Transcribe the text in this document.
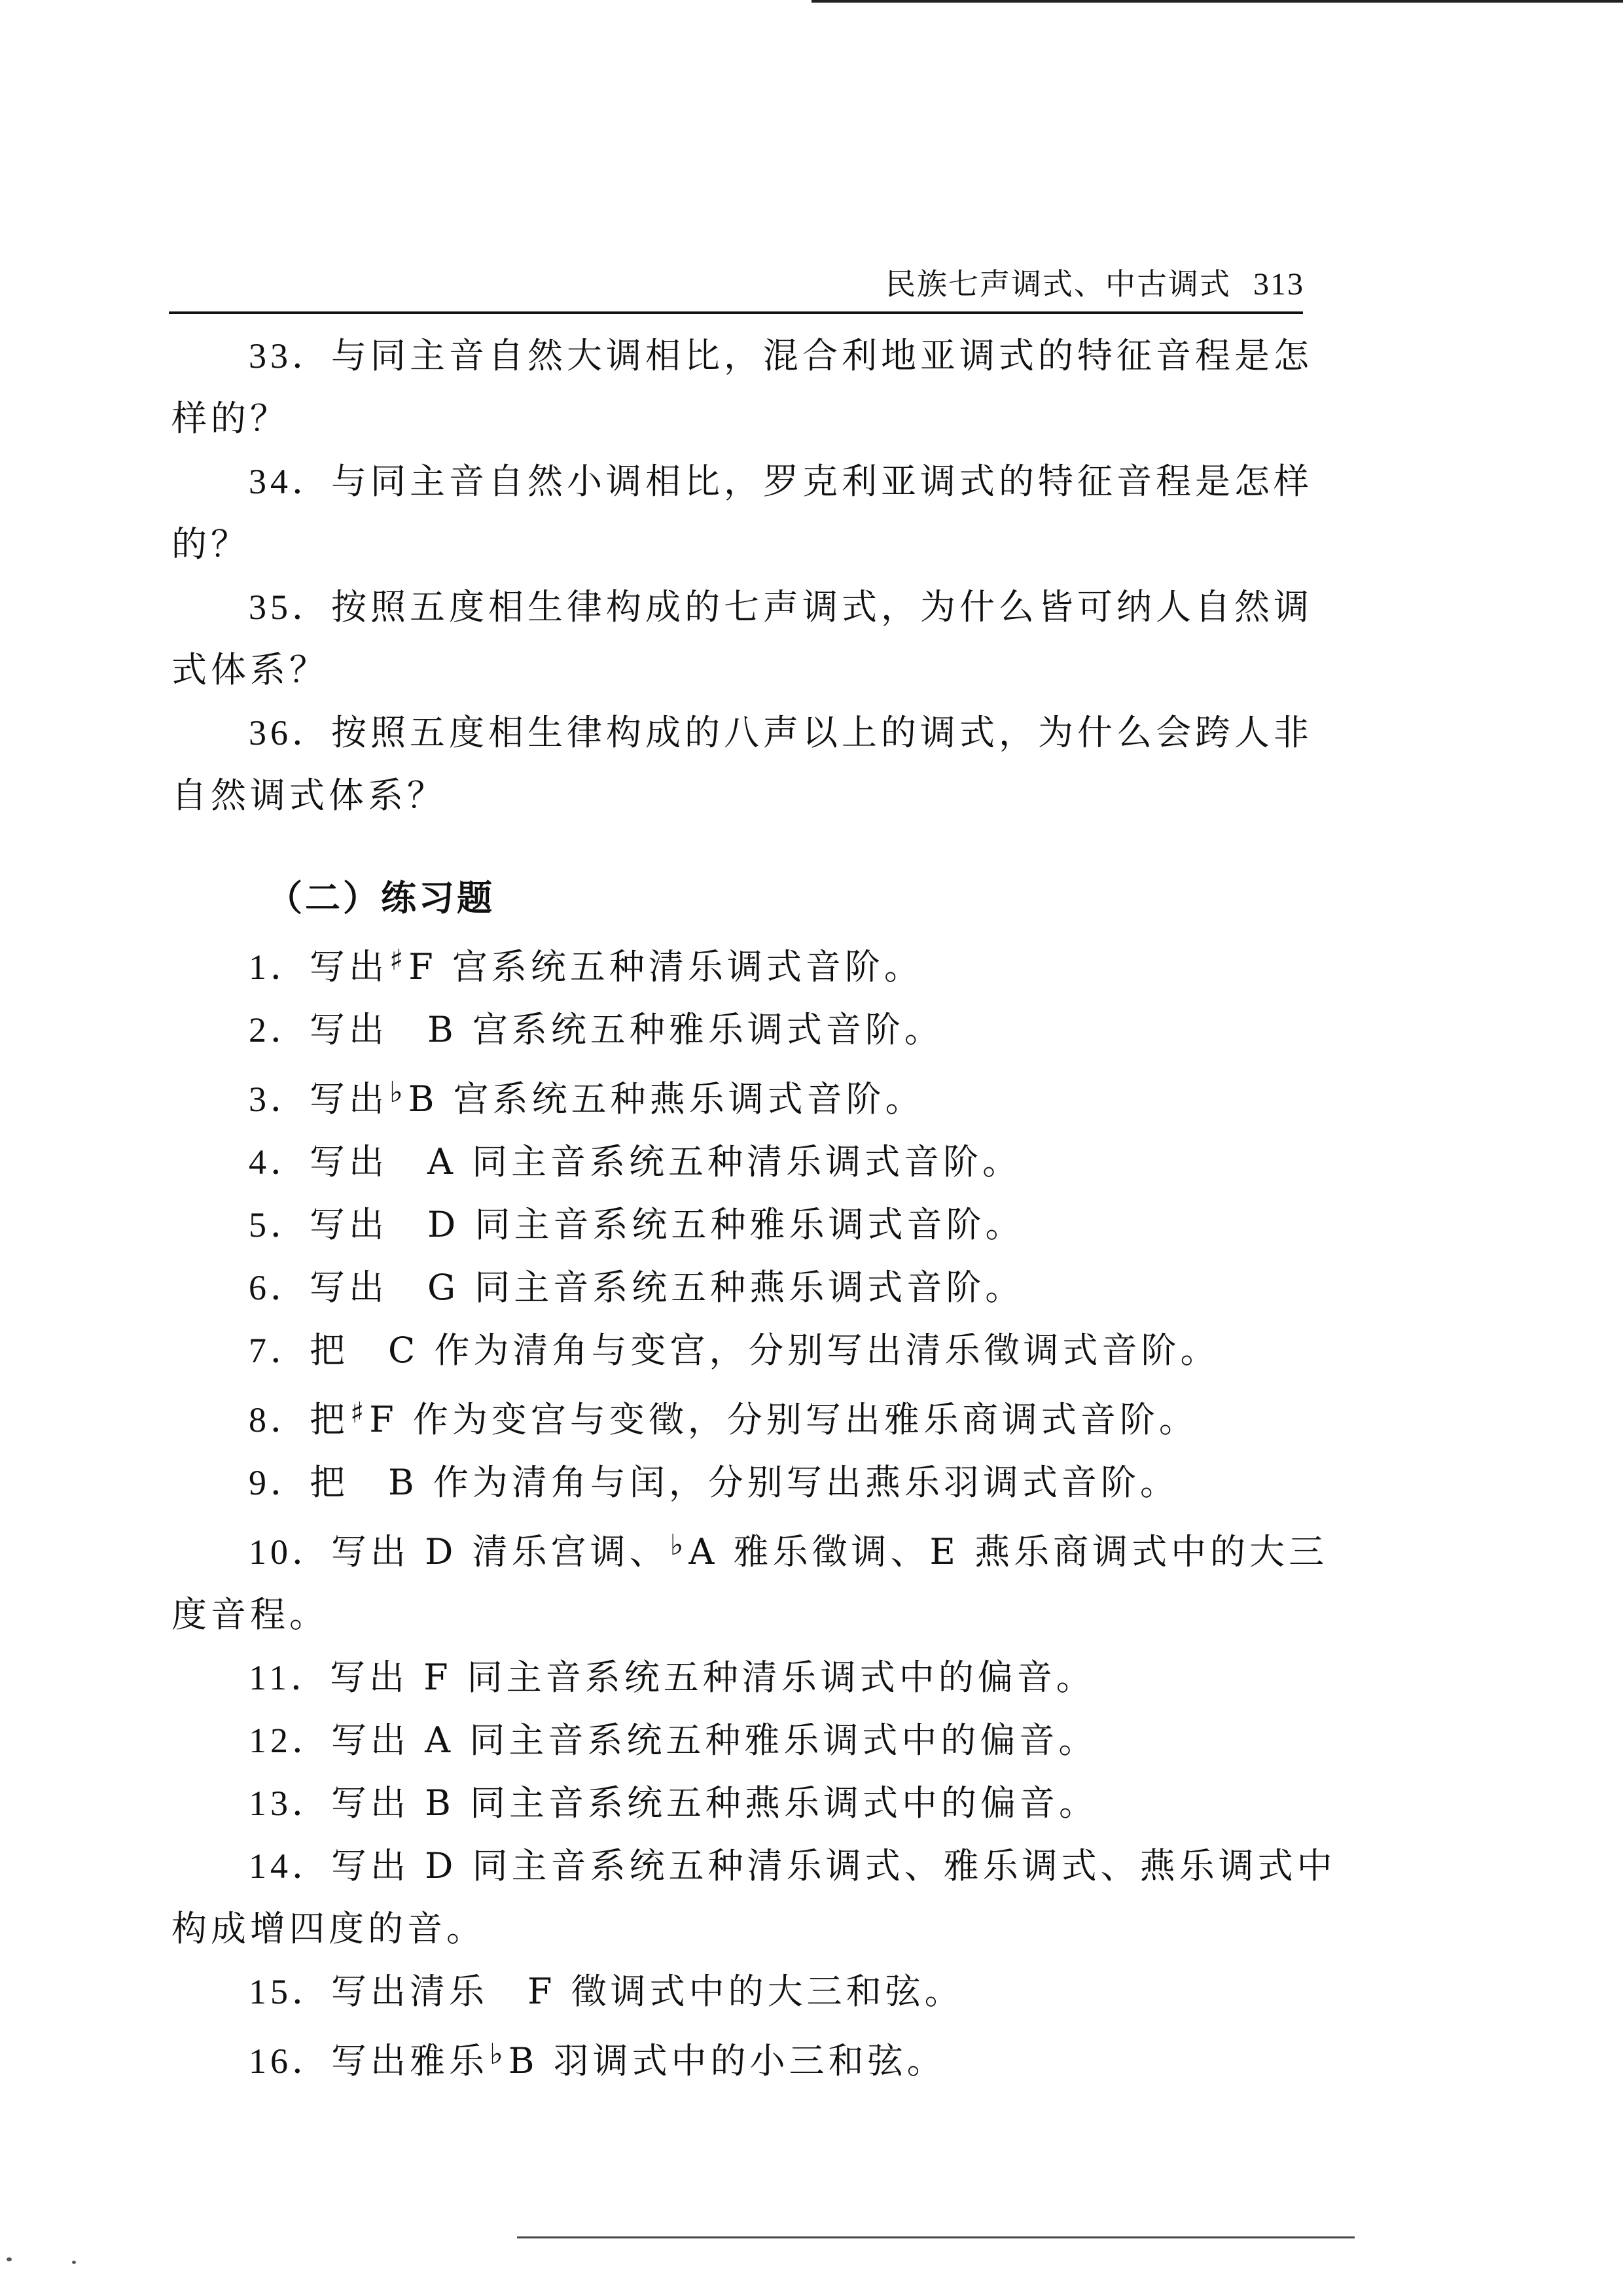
民族七声调式、中古调式 313

33．与同主音自然大调相比，混合利地亚调式的特征音程是怎

样的？

34．与同主音自然小调相比，罗克利亚调式的特征音程是怎样

的？

35．按照五度相生律构成的七声调式，为什么皆可纳人自然调

式体系？

36．按照五度相生律构成的八声以上的调式，为什么会跨人非

自然调式体系？

（二）练习题

1．写出♯F 宫系统五种清乐调式音阶。

2．写出　B 宫系统五种雅乐调式音阶。

3．写出♭B 宫系统五种燕乐调式音阶。

4．写出　A 同主音系统五种清乐调式音阶。

5．写出　D 同主音系统五种雅乐调式音阶。

6．写出　G 同主音系统五种燕乐调式音阶。

7．把　C 作为清角与变宫，分别写出清乐徵调式音阶。

8．把♯F 作为变宫与变徵，分别写出雅乐商调式音阶。

9．把　B 作为清角与闰，分别写出燕乐羽调式音阶。

10．写出 D 清乐宫调、♭A 雅乐徵调、E 燕乐商调式中的大三

度音程。

11．写出 F 同主音系统五种清乐调式中的偏音。

12．写出 A 同主音系统五种雅乐调式中的偏音。

13．写出 B 同主音系统五种燕乐调式中的偏音。

14．写出 D 同主音系统五种清乐调式、雅乐调式、燕乐调式中

构成增四度的音。

15．写出清乐　F 徵调式中的大三和弦。

16．写出雅乐♭B 羽调式中的小三和弦。
